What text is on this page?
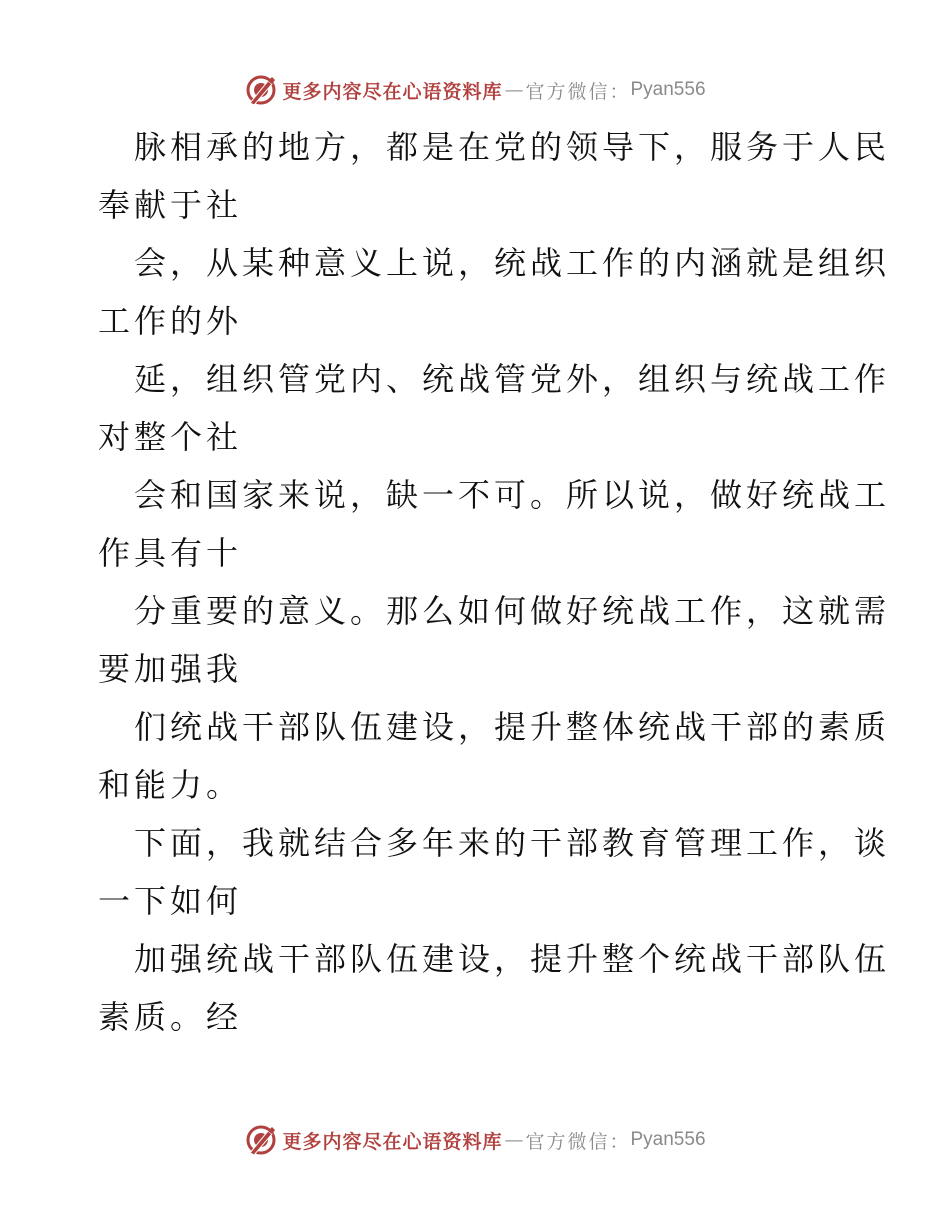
更多内容尽在心语资料库 — 官方微信： Pyan556

脉相承的地方，都是在党的领导下，服务于人民
奉献于社

会，从某种意义上说，统战工作的内涵就是组织
工作的外

延，组织管党内、统战管党外，组织与统战工作
对整个社

会和国家来说，缺一不可。所以说，做好统战工
作具有十

分重要的意义。那么如何做好统战工作，这就需
要加强我

们统战干部队伍建设，提升整体统战干部的素质
和能力。

下面，我就结合多年来的干部教育管理工作，谈
一下如何

加强统战干部队伍建设，提升整个统战干部队伍
素质。经

更多内容尽在心语资料库 — 官方微信： Pyan556
